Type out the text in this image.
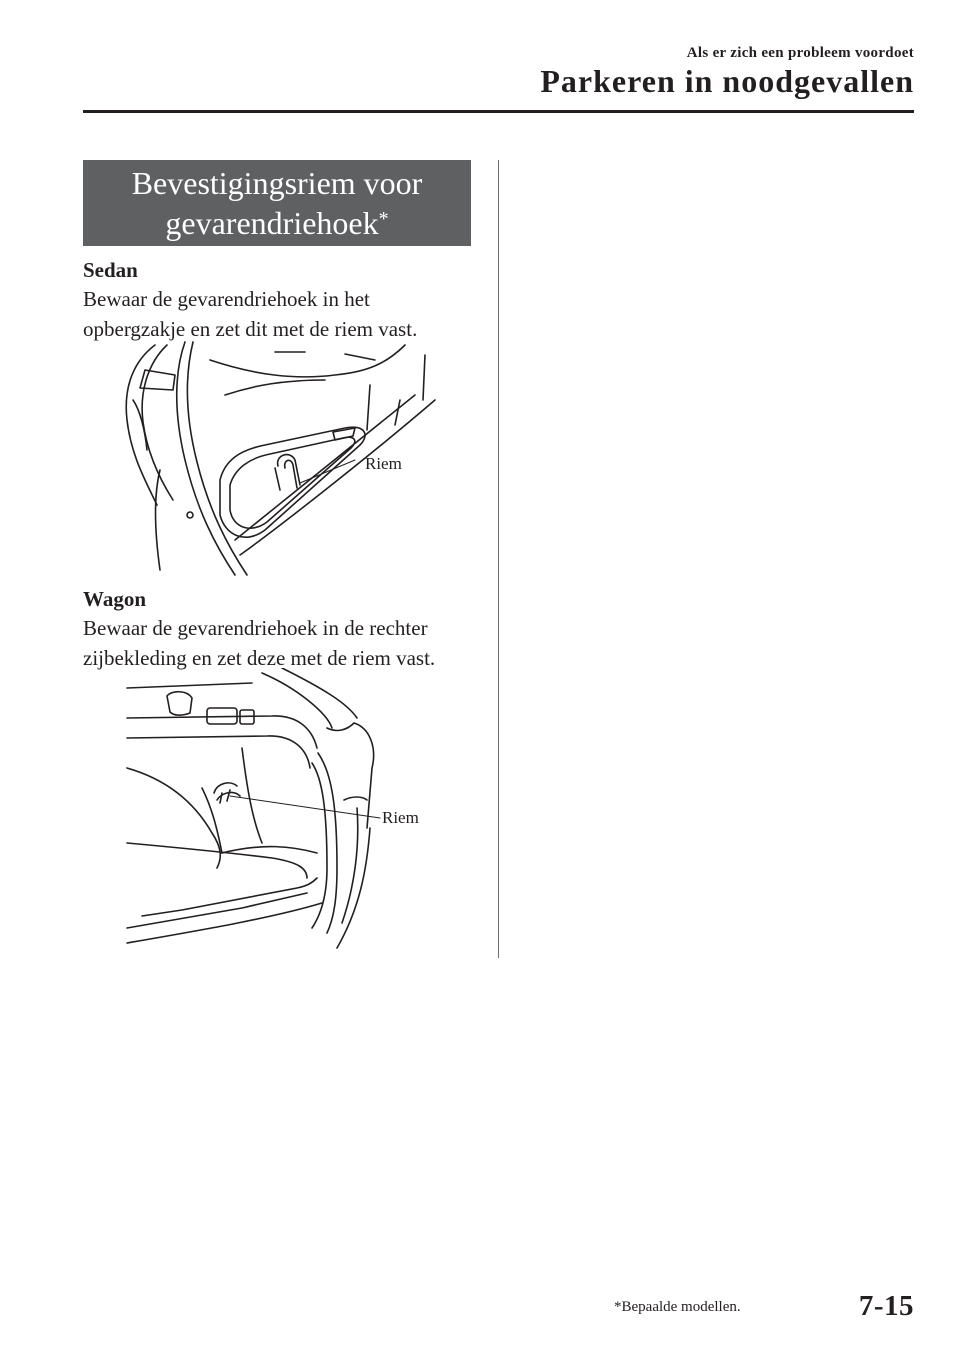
Als er zich een probleem voordoet
Parkeren in noodgevallen
Bevestigingsriem voor
gevarendriehoek*
Sedan
Bewaar de gevarendriehoek in het
opbergzakje en zet dit met de riem vast.
Riem
Wagon
Bewaar de gevarendriehoek in de rechter
zijbekleding en zet deze met de riem vast.
Riem
*Bepaalde modellen.	7-15
